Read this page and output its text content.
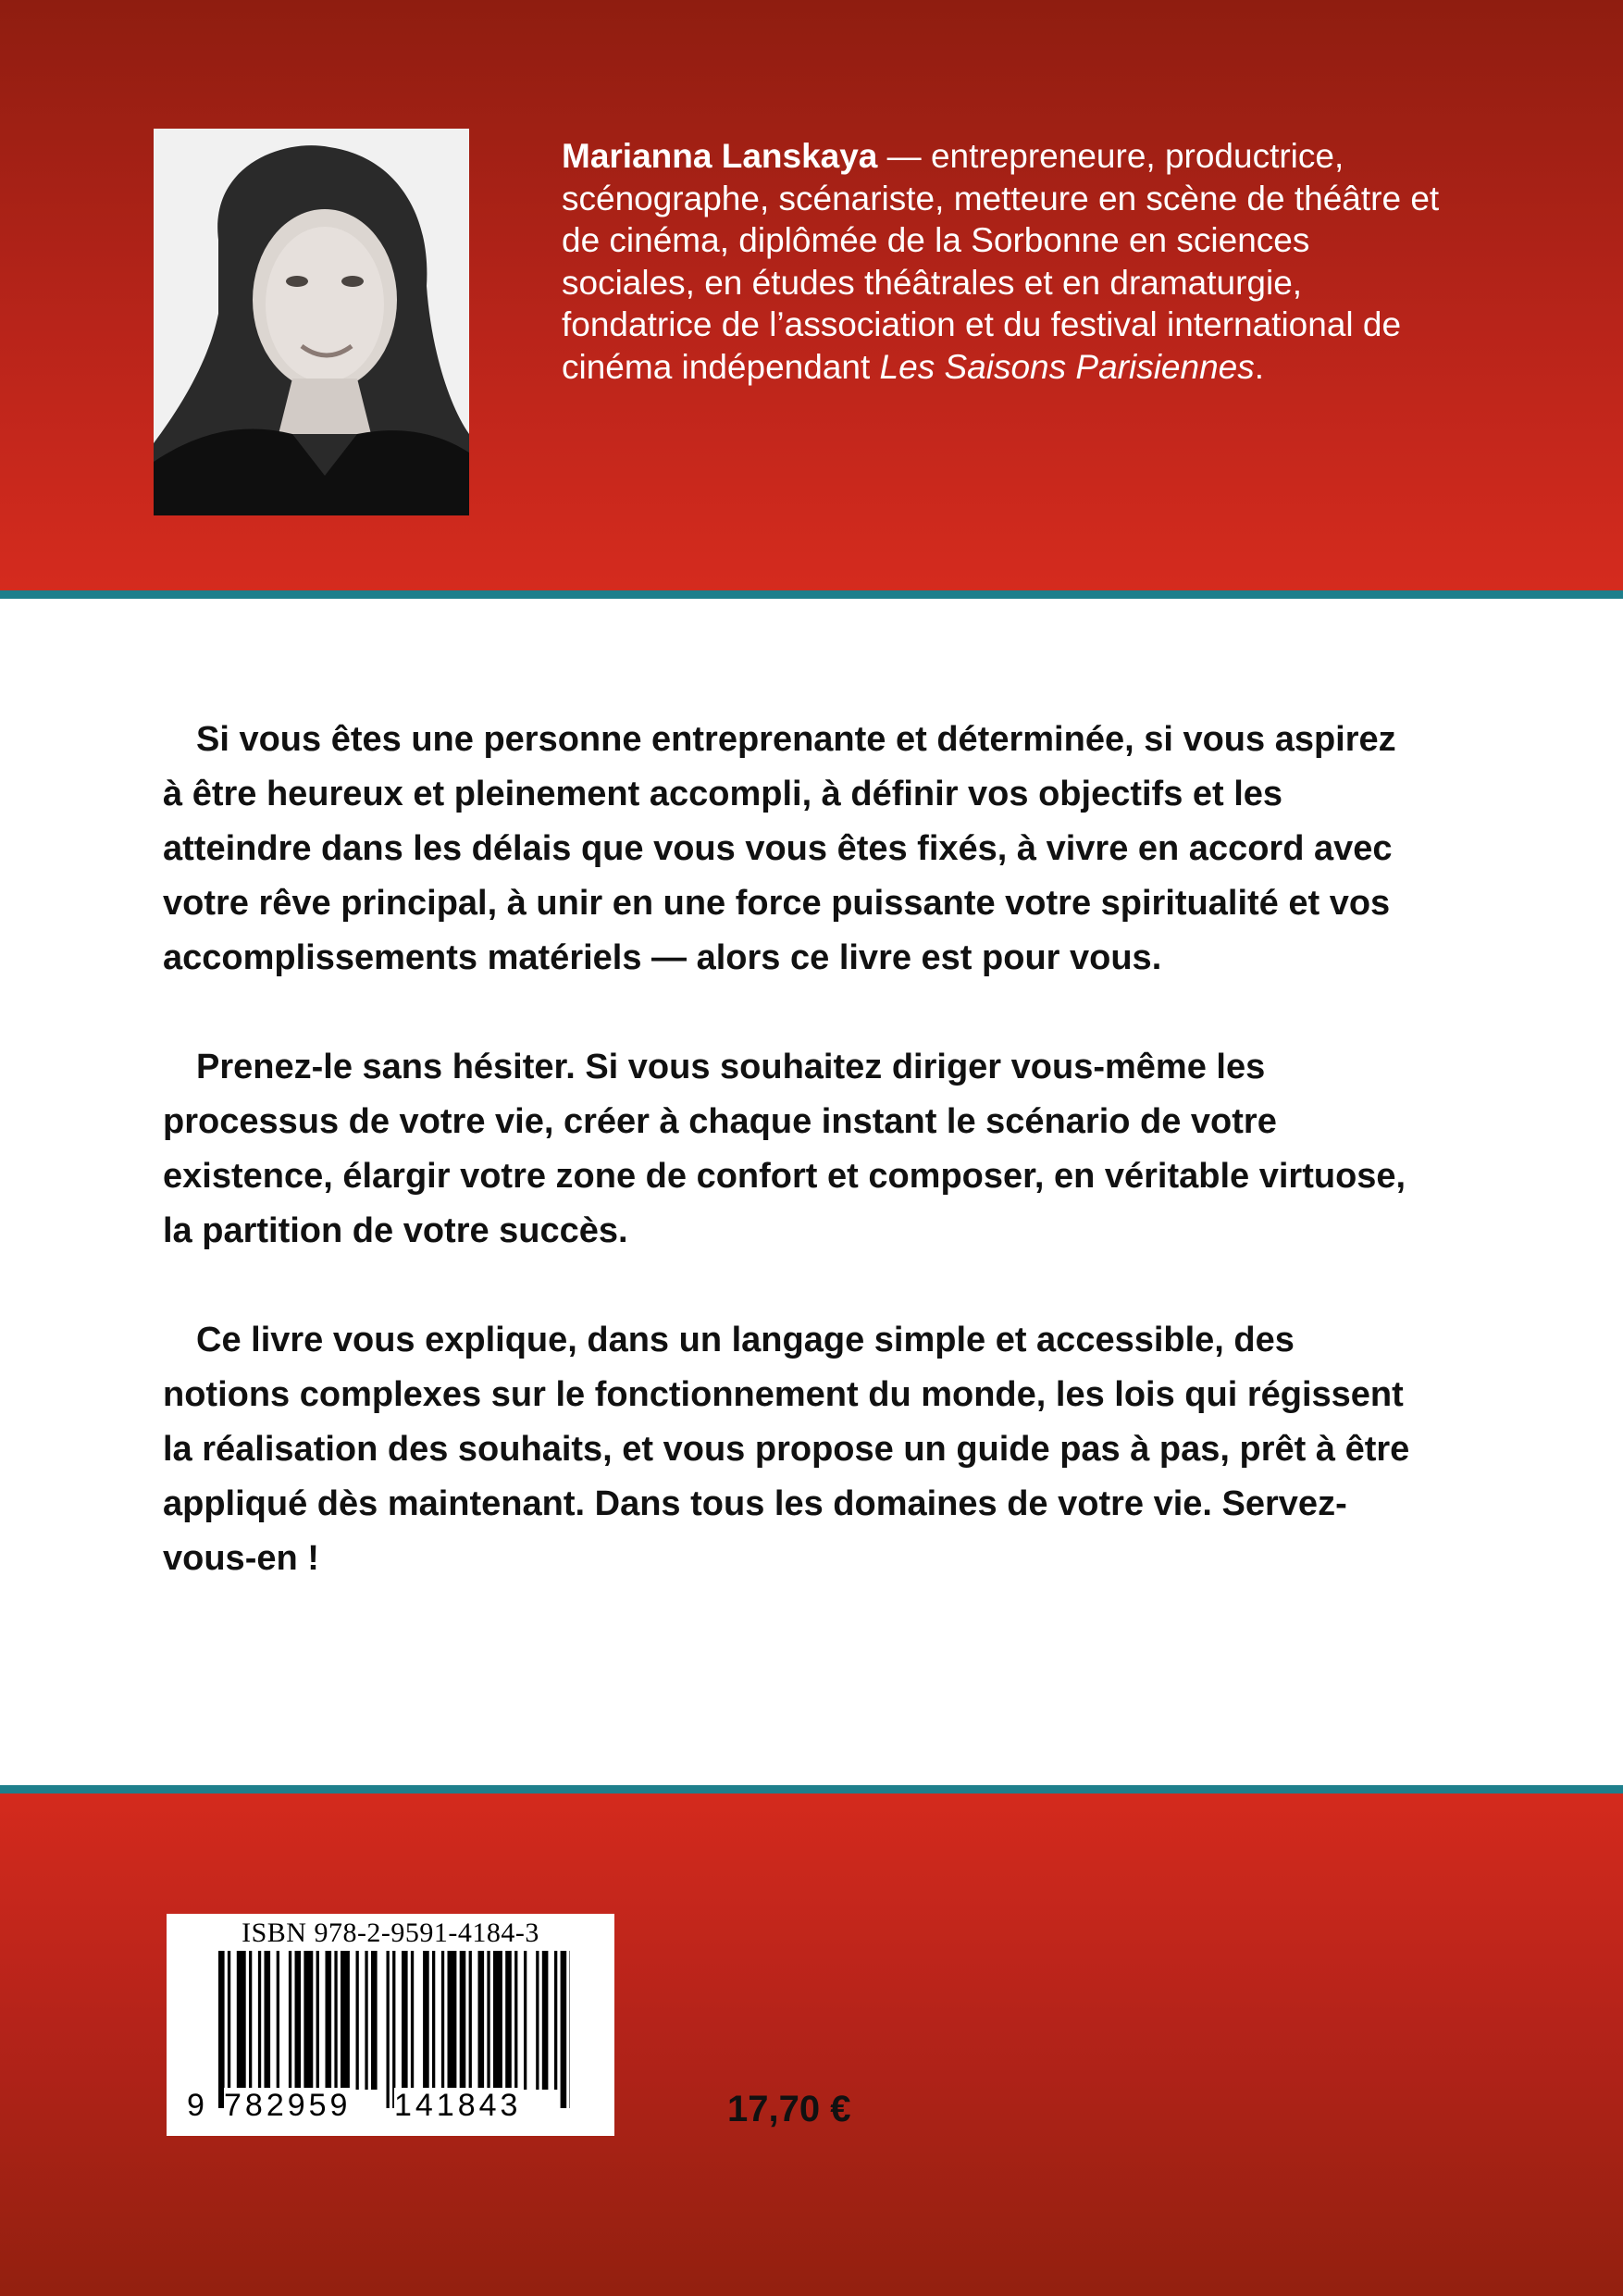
Marianna Lanskaya — entrepreneure, productrice, scénographe, scénariste, metteure en scène de théâtre et de cinéma, diplômée de la Sorbonne en sciences sociales, en études théâtrales et en dramaturgie, fondatrice de l’association et du festival international de cinéma indépendant Les Saisons Parisiennes.

Si vous êtes une personne entreprenante et déterminée, si vous aspirez à être heureux et pleinement accompli, à définir vos objectifs et les atteindre dans les délais que vous vous êtes fixés, à vivre en accord avec votre rêve principal, à unir en une force puissante votre spiritualité et vos accomplissements matériels — alors ce livre est pour vous.

Prenez-le sans hésiter. Si vous souhaitez diriger vous-même les processus de votre vie, créer à chaque instant le scénario de votre existence, élargir votre zone de confort et composer, en véritable virtuose, la partition de votre succès.

Ce livre vous explique, dans un langage simple et accessible, des notions complexes sur le fonctionnement du monde, les lois qui régissent la réalisation des souhaits, et vous propose un guide pas à pas, prêt à être appliqué dès maintenant. Dans tous les domaines de votre vie. Servez-vous-en !

ISBN 978-2-9591-4184-3
9 782959 141843	17,70 €
